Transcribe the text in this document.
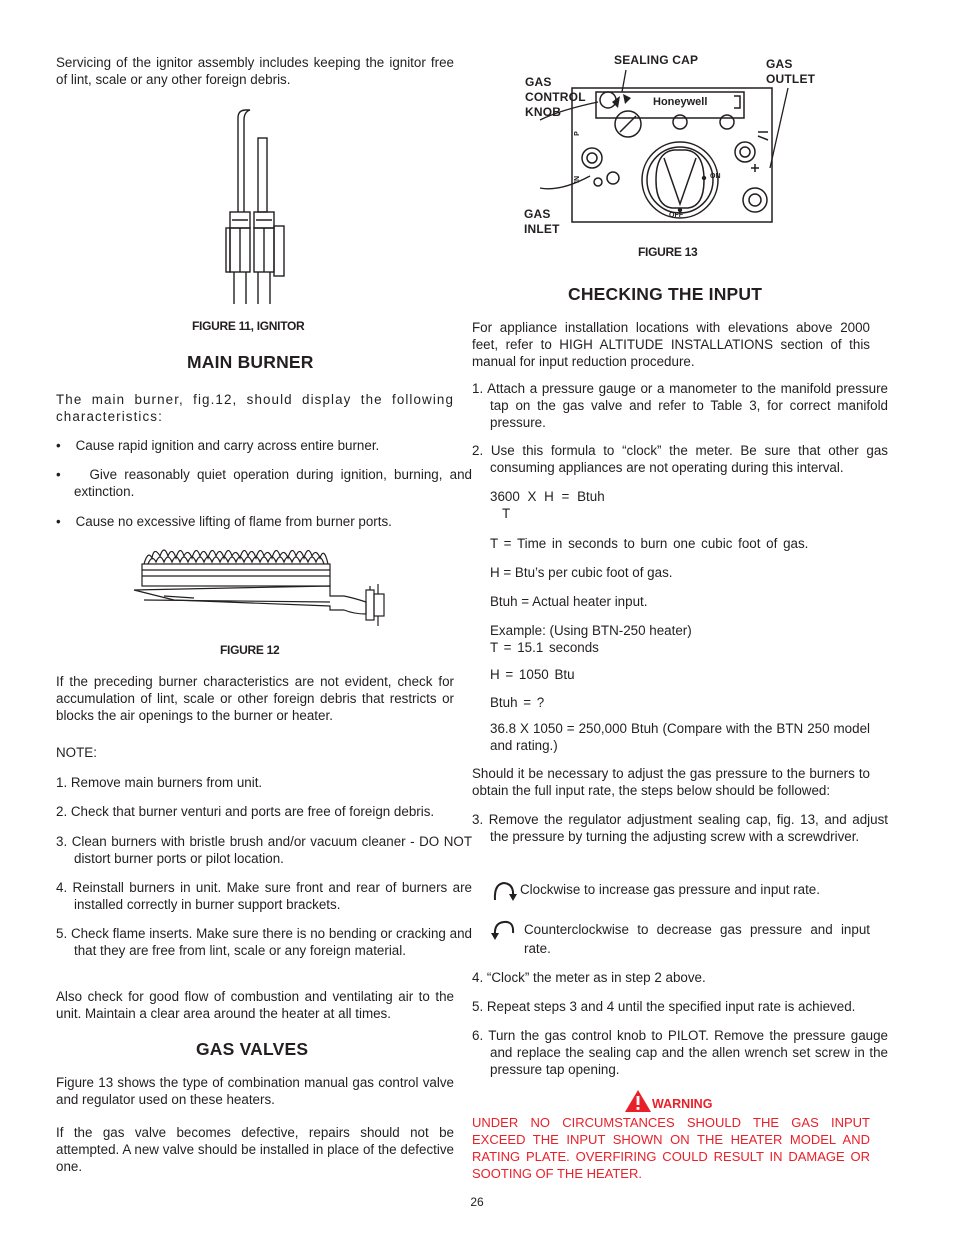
Servicing of the ignitor assembly includes keeping the ignitor free of lint, scale or any other foreign debris.

FIGURE 11, IGNITOR
MAIN BURNER

The main burner, fig.12, should display the following characteristics:

•    Cause rapid ignition and carry across entire burner.

•    Give reasonably quiet operation during ignition, burning, and extinction.

•    Cause no excessive lifting of flame from burner ports.

FIGURE 12

If the preceding burner characteristics are not evident, check for accumulation of lint, scale or other foreign debris that restricts or blocks the air openings to the burner or heater.

NOTE:

1. Remove main burners from unit.

2. Check that burner venturi and ports are free of foreign debris.

3. Clean burners with bristle brush and/or vacuum cleaner - DO NOT distort burner ports or pilot location.

4. Reinstall burners in unit. Make sure front and rear of burners are installed correctly in burner support brackets.

5. Check flame inserts. Make sure there is no bending or cracking and that they are free from lint, scale or any foreign material.

Also check for good flow of combustion and ventilating air to the unit. Maintain a clear area around the heater at all times.

GAS VALVES

Figure 13 shows the type of combination manual gas control valve and regulator used on these heaters.

If the gas valve becomes defective, repairs should not be attempted. A new valve should be installed in place of the defective one.

SEALING CAP	GAS
OUTLET
GAS
CONTROL
KNOB
GAS
INLET
Honeywell
ON
OFF
IN
P
FIGURE 13
CHECKING THE INPUT

For appliance installation locations with elevations above 2000 feet, refer to HIGH ALTITUDE INSTALLATIONS section of this manual for input reduction procedure.

1. Attach a pressure gauge or a manometer to the manifold pressure tap on the gas valve and refer to Table 3, for correct manifold pressure.

2. Use this formula to “clock” the meter. Be sure that other gas consuming appliances are not operating during this interval.

3600 X H = Btuh

T

T = Time in seconds to burn one cubic foot of gas.

H = Btu’s per cubic foot of gas.

Btuh = Actual heater input.

Example: (Using BTN-250 heater)

T = 15.1 seconds

H = 1050 Btu

Btuh = ?

36.8 X 1050 = 250,000 Btuh (Compare with the BTN 250 model and rating.)

Should it be necessary to adjust the gas pressure to the burners to obtain the full input rate, the steps below should be followed:

3. Remove the regulator adjustment sealing cap, fig. 13, and adjust the pressure by turning the adjusting screw with a screwdriver.

Clockwise to increase gas pressure and input rate.

Counterclockwise to decrease gas pressure and input rate.

4. “Clock” the meter as in step 2 above.

5. Repeat steps 3 and 4 until the specified input rate is achieved.

6. Turn the gas control knob to PILOT. Remove the pressure gauge and replace the sealing cap and the allen wrench set screw in the pressure tap opening.

WARNING

UNDER NO CIRCUMSTANCES SHOULD THE GAS INPUT EXCEED THE INPUT SHOWN ON THE HEATER MODEL AND RATING PLATE. OVERFIRING COULD RESULT IN DAMAGE OR SOOTING OF THE HEATER.

26
